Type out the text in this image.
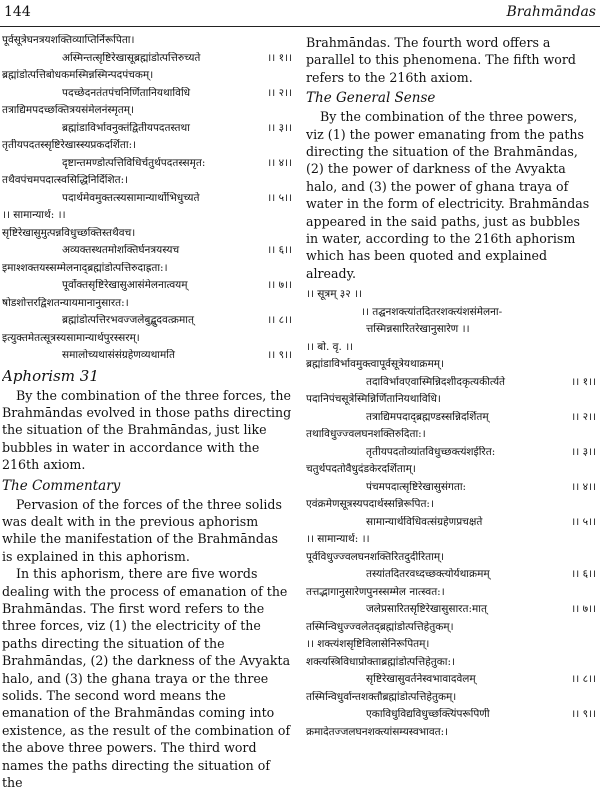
144	Brahmāndas
पूर्वसूत्रेघनत्रयशक्तिव्याप्तिर्निरूपिता।
।। १।।
अस्मिन्तत्सृष्टिरेखासूब्रह्मांडोत्पत्तिरुच्यते
ब्रह्मांडोत्पत्तिबोधकमस्मिन्नस्मिन्पदपंचकम्।
।। २।।
पदच्छेदनतंतपंचनिर्णितानियथाविधि
तत्राद्यिमपदच्छक्तित्रयसंमेलनंस्मृतम्।
।। ३।।
ब्रह्मांडाविर्भावनुक्तंद्वितीयपदतस्तथा
तृतीयपदतस्सृष्टिरेखास्स्यप्रकदर्शिता:।
।। ४।।
दृष्टान्तमण्डोत्पत्तिविधिर्चतुर्थपदतस्समृत:
तथैवपंचमपदात्स्वसिद्धिनिर्दिशित:।
।। ५।।
पदार्थमेवमुक्तत्स्यसामान्यार्थोभिधुच्यते
।। सामान्यार्थ: ।।
सृष्टिरेखासुमुत्पन्नविधुच्छक्तिस्तथैवच।
।। ६।।
अव्यक्तस्थतमोशक्तिर्घनत्रयस्यच
इमाश्शक्तयस्सम्मेलनाद्ब्रह्मांडोत्पत्तिरुदाह्रता:।
।। ७।।
पूर्वोक्तसृष्टिरेखासुआसंमेलनात्वयम्
षोडशोत्तरद्विशतन्यायमानानुसारत:।
।। ८।।
ब्रह्मांडोत्पत्तिरभवज्जलेबुद्बुदवत्क्रमात्
इत्युक्तमेतत्सूत्रस्यसामान्यार्थपुरस्सरम्।
।। ९।।
समालोच्यथासंसंग्रहेणव्यथामति
Aphorism 31

By the combination of the three forces, the Brahmāndas evolved in those paths directing the situation of the Brahmāndas, just like bubbles in water in accordance with the 216th axiom.

The Commentary

Pervasion of the forces of the three solids was dealt with in the previous aphorism while the manifestation of the Brahmāndas is explained in this aphorism.

In this aphorism, there are five words dealing with the process of emanation of the Brahmāndas. The first word refers to the three forces, viz (1) the electricity of the paths directing the situation of the Brahmāndas, (2) the darkness of the Avyakta halo, and (3) the ghana traya or the three solids. The second word means the emanation of the Brahmāndas coming into existence, as the result of the combination of the above three powers. The third word names the paths directing the situation of the

Brahmāndas. The fourth word offers a parallel to this phenomena. The fifth word refers to the 216th axiom.

The General Sense

By the combination of the three powers, viz (1) the power emanating from the paths directing the situation of the Brahmāndas, (2) the power of darkness of the Avyakta halo, and (3) the power of ghana traya of water in the form of electricity. Brahmāndas appeared in the said paths, just as bubbles in water, according to the 216th aphorism which has been quoted and explained already.

।। सूत्रम् ३२ ।।
।। तद्घनशक्त्यांतदितरशक्त्यंशसंमेलना-
त्तस्मिन्नसारितरेखानुसारेण ।।
।। बो. वृ. ।।
ब्रह्मांडाविर्भावमुक्त्वापूर्वसूत्रेयथाक्रमम्।
।। १।।
तदाविर्भावएवास्मिन्निदशीदकृत्यकीर्त्यते
पदानिपंचसूत्रेस्मिन्निर्णितानियथाविधि।
।। २।।
तत्राद्यिमपदाद्ब्रह्मण्डस्सन्निदर्शितम्
तथाविधुज्ज्वलघनशक्तिरुदिता:।
।। ३।।
तृतीयपदतोव्यांतविधुच्छक्त्यंशईरित:
चतुर्थपदतोवैधुदंडकेरदर्शिताम्।
।। ४।।
पंचमपदात्सृष्टिरेखासुसंगता:
एवंक्रमेणसूत्रस्यपदार्थस्सन्निरूपित:।
।। ५।।
सामान्यार्थविधिवत्संग्रहेणप्रचक्षते
।। सामान्यार्थ: ।।
पूर्वविधुज्ज्वलघनशक्तिरितदुदीरिताम्।
।। ६।।
तस्यांतदितरवध्दच्छक्त्योर्यथाक्रमम्
तत्तद्भागानुसारेणपुनस्सम्मेल नात्स्वत:।
।। ७।।
जलेप्रसारितसृष्टिरेखासुसारत:मात्
तस्मिन्विधुज्ज्वलेतद्ब्रह्मांडोत्पत्तिहेतुकम्।
।। शक्त्यंशसृष्टिविलासेनिरूपितम्।
शक्त्यस्त्रिविधाप्रोक्ताब्रह्मांडोत्पत्तिहेतुका:।
।। ८।।
सृष्टिरेखासुवर्तनेस्वभावादवेलम्
तस्मिन्विधुर्वान्तशक्तौब्रह्मांडोत्पत्तिहेतुकम्।
।। ९।।
एकाविधुविद्यविधुच्छक्त्यिंपरूपिणी
क्रमादेतज्जलघनशक्त्यांसम्यस्वभावत:।
